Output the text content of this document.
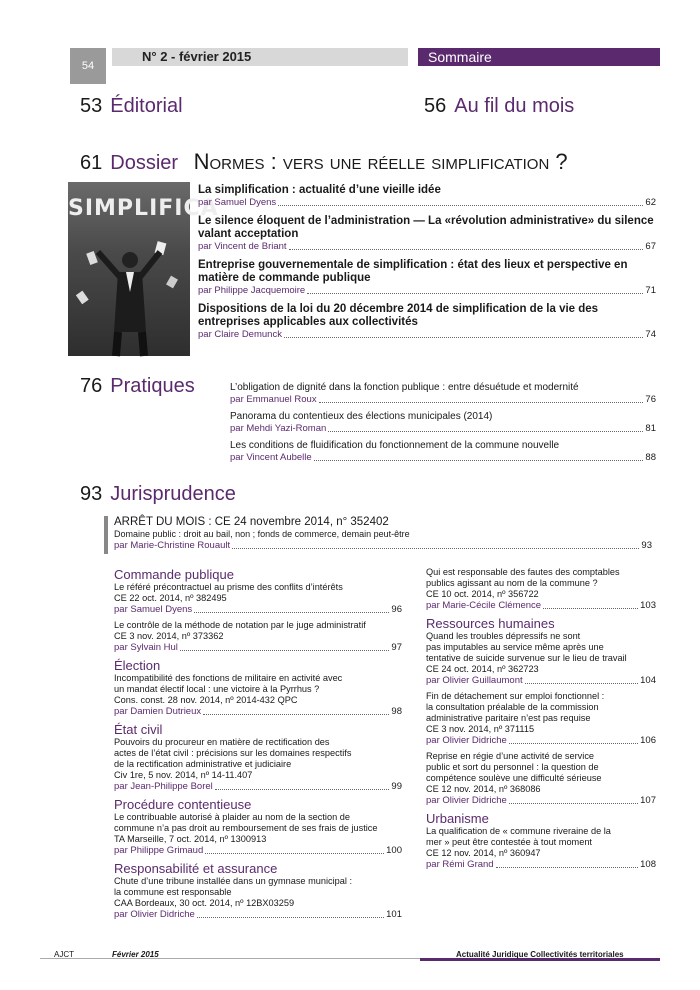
54
N° 2 - février 2015	Sommaire
53 Éditorial	56 Au fil du mois
61 Dossier Normes : vers une réelle simplification ?
SIMPLIFICA
La simplification : actualité d’une vieille idée
par Samuel Dyens	62
Le silence éloquent de l’administration — La «révolution administrative» du silence valant acceptation
par Vincent de Briant	67
Entreprise gouvernementale de simplification : état des lieux et perspective en matière de commande publique
par Philippe Jacquemoire	71
Dispositions de la loi du 20 décembre 2014 de simplification de la vie des entreprises applicables aux collectivités
par Claire Demunck	74
76 Pratiques	L’obligation de dignité dans la fonction publique : entre désuétude et modernité
par Emmanuel Roux	76
Panorama du contentieux des élections municipales (2014)
par Mehdi Yazi-Roman	81
Les conditions de fluidification du fonctionnement de la commune nouvelle
par Vincent Aubelle	88
93 Jurisprudence
ARRÊT DU MOIS : CE 24 novembre 2014, n° 352402
Domaine public : droit au bail, non ; fonds de commerce, demain peut-être
par Marie-Christine Rouault	93
Commande publique
Le référé précontractuel au prisme des conflits d’intérêts
CE 22 oct. 2014, nº 382495
par Samuel Dyens	96
Le contrôle de la méthode de notation par le juge administratif
CE 3 nov. 2014, nº 373362
par Sylvain Hul	97
Élection
Incompatibilité des fonctions de militaire en activité avec
un mandat électif local : une victoire à la Pyrrhus ?
Cons. const. 28 nov. 2014, nº 2014-432 QPC
par Damien Dutrieux	98
État civil
Pouvoirs du procureur en matière de rectification des
actes de l’état civil : précisions sur les domaines respectifs
de la rectification administrative et judiciaire
Civ 1re, 5 nov. 2014, nº 14-11.407
par Jean-Philippe Borel	99
Procédure contentieuse
Le contribuable autorisé à plaider au nom de la section de
commune n’a pas droit au remboursement de ses frais de justice
TA Marseille, 7 oct. 2014, nº 1300913
par Philippe Grimaud	100
Responsabilité et assurance
Chute d’une tribune installée dans un gymnase municipal :
la commune est responsable
CAA Bordeaux, 30 oct. 2014, nº 12BX03259
par Olivier Didriche	101
Qui est responsable des fautes des comptables
publics agissant au nom de la commune ?
CE 10 oct. 2014, nº 356722
par Marie-Cécile Clémence	103
Ressources humaines
Quand les troubles dépressifs ne sont
pas imputables au service même après une
tentative de suicide survenue sur le lieu de travail
CE 24 oct. 2014, nº 362723
par Olivier Guillaumont	104
Fin de détachement sur emploi fonctionnel :
la consultation préalable de la commission
administrative paritaire n’est pas requise
CE 3 nov. 2014, nº 371115
par Olivier Didriche	106
Reprise en régie d’une activité de service
public et sort du personnel : la question de
compétence soulève une difficulté sérieuse
CE 12 nov. 2014, nº 368086
par Olivier Didriche	107
Urbanisme
La qualification de « commune riveraine de la
mer » peut être contestée à tout moment
CE 12 nov. 2014, nº 360947
par Rémi Grand	108
AJCT	Février 2015	Actualité Juridique Collectivités territoriales
